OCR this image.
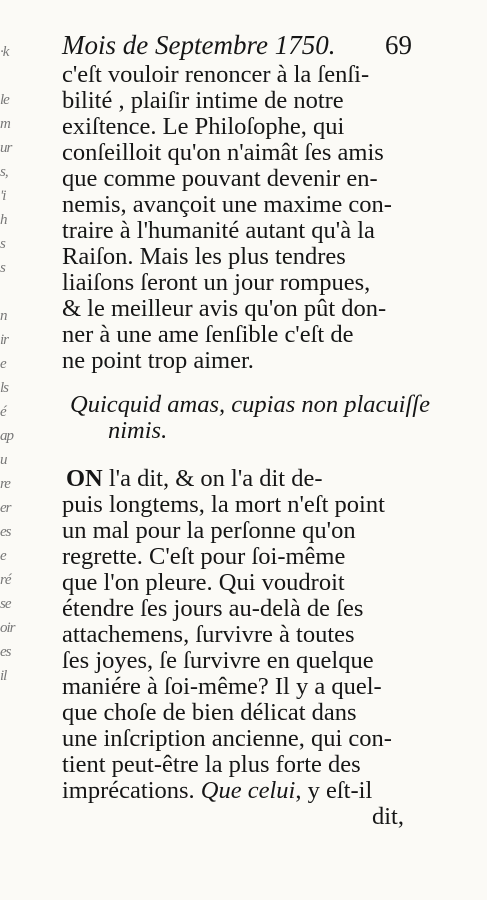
·k

le
m
ur
s,
'i
h
s
s

n
ir
e
ls
é
ap
u
re
er
es
e
ré
se
oir
es
il
Mois de Septembre 1750. 69
c'eſt vouloir renoncer à la ſenſi-
bilité , plaiſir intime de notre
exiſtence. Le Philoſophe, qui
conſeilloit qu'on n'aimât ſes amis
que comme pouvant devenir en-
nemis, avançoit une maxime con-
traire à l'humanité autant qu'à la
Raiſon. Mais les plus tendres
liaiſons ſeront un jour rompues,
& le meilleur avis qu'on pût don-
ner à une ame ſenſible c'eſt de
ne point trop aimer.
Quicquid amas, cupias non placuiſſe
nimis.
ON l'a dit, & on l'a dit de-
puis longtems, la mort n'eſt point
un mal pour la perſonne qu'on
regrette. C'eſt pour ſoi-même
que l'on pleure. Qui voudroit
étendre ſes jours au-delà de ſes
attachemens, ſurvivre à toutes
ſes joyes, ſe ſurvivre en quelque
maniére à ſoi-même? Il y a quel-
que choſe de bien délicat dans
une inſcription ancienne, qui con-
tient peut-être la plus forte des
imprécations. Que celui, y eſt-il
dit,
